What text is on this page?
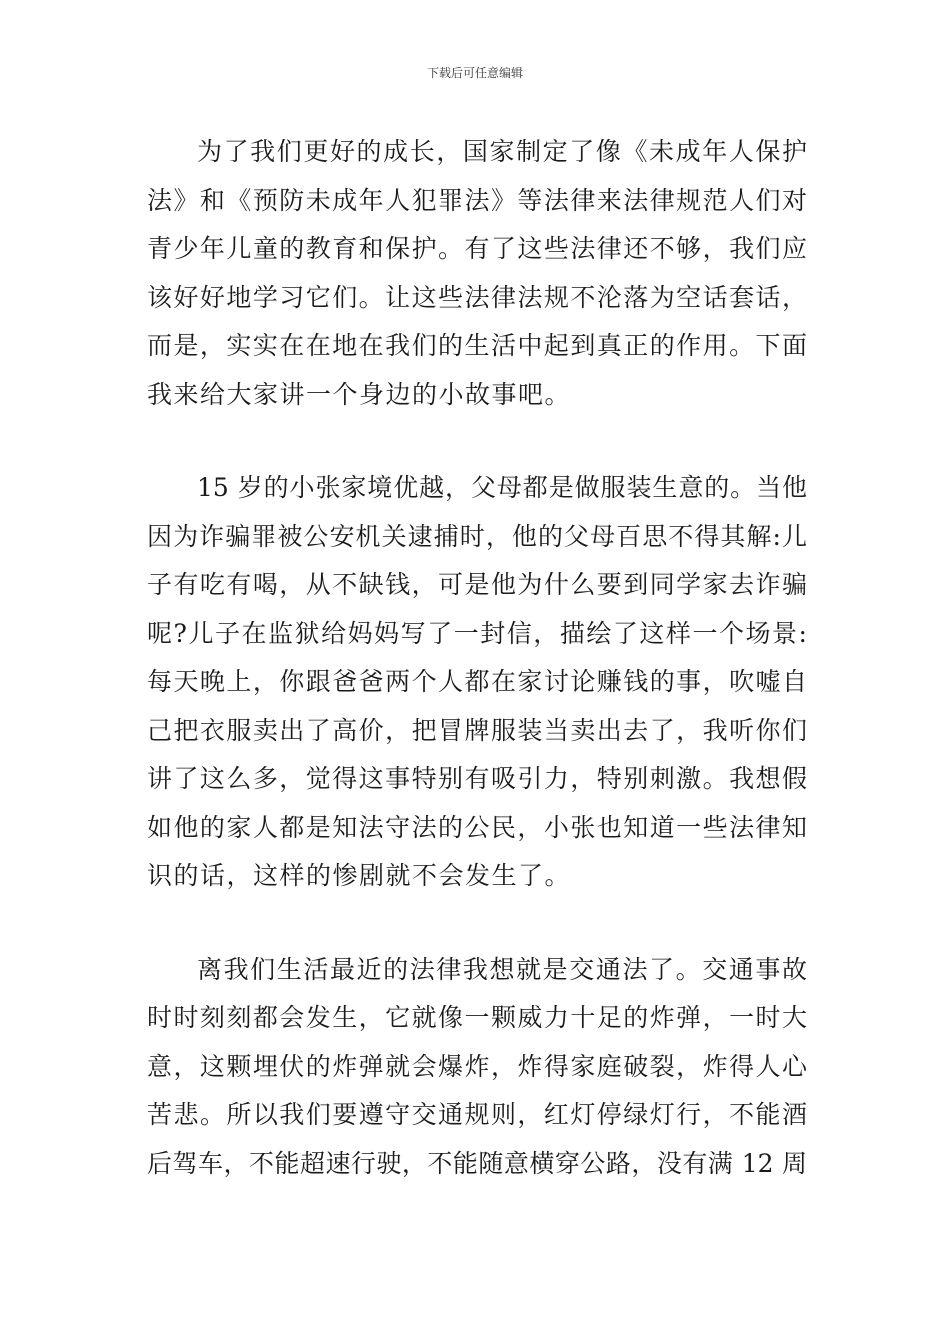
下载后可任意编辑
为了我们更好的成长，国家制定了像《未成年人保护
法》和《预防未成年人犯罪法》等法律来法律规范人们对
青少年儿童的教育和保护。有了这些法律还不够，我们应
该好好地学习它们。让这些法律法规不沦落为空话套话，
而是，实实在在地在我们的生活中起到真正的作用。下面
我来给大家讲一个身边的小故事吧。
15 岁的小张家境优越，父母都是做服装生意的。当他
因为诈骗罪被公安机关逮捕时，他的父母百思不得其解:儿
子有吃有喝，从不缺钱，可是他为什么要到同学家去诈骗
呢?儿子在监狱给妈妈写了一封信，描绘了这样一个场景:
每天晚上，你跟爸爸两个人都在家讨论赚钱的事，吹嘘自
己把衣服卖出了高价，把冒牌服装当卖出去了，我听你们
讲了这么多，觉得这事特别有吸引力，特别刺激。我想假
如他的家人都是知法守法的公民，小张也知道一些法律知
识的话，这样的惨剧就不会发生了。
离我们生活最近的法律我想就是交通法了。交通事故
时时刻刻都会发生，它就像一颗威力十足的炸弹，一时大
意，这颗埋伏的炸弹就会爆炸，炸得家庭破裂，炸得人心
苦悲。所以我们要遵守交通规则，红灯停绿灯行，不能酒
后驾车，不能超速行驶，不能随意横穿公路，没有满 12 周
